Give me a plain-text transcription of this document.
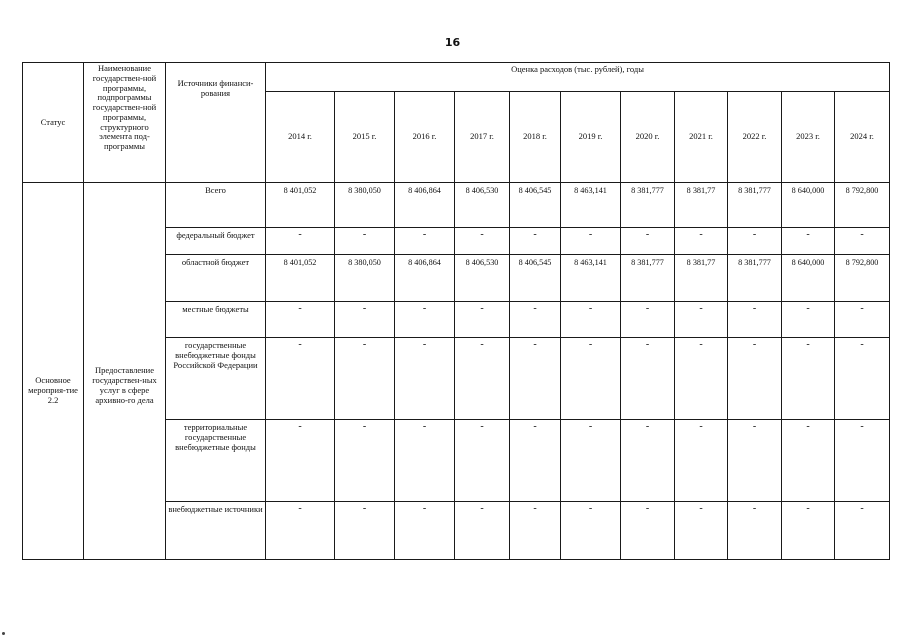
16
Статус	Наименование государствен-ной программы, подпрограммы государствен-ной программы, структурного элемента под-программы	Источники финанси-рования	Оценка расходов (тыс. рублей), годы										
			2014 г.	2015 г.	2016 г.	2017 г.	2018 г.	2019 г.	2020 г.	2021 г.	2022 г.	2023 г.	2024 г.
Основное мероприя-тие 2.2	Предоставление государствен-ных услуг в сфере архивно-го дела	Всего	8 401,052	8 380,050	8 406,864	8 406,530	8 406,545	8 463,141	8 381,777	8 381,77	8 381,777	8 640,000	8 792,800
		федеральный бюджет	-	-	-	-	-	-	-	-	-	-	-
		областной бюджет	8 401,052	8 380,050	8 406,864	8 406,530	8 406,545	8 463,141	8 381,777	8 381,77	8 381,777	8 640,000	8 792,800
		местные бюджеты	-	-	-	-	-	-	-	-	-	-	-
		государственные внебюджетные фонды Российской Федерации	-	-	-	-	-	-	-	-	-	-	-
		территориальные государственные внебюджетные фонды	-	-	-	-	-	-	-	-	-	-	-
		внебюджетные источники	-	-	-	-	-	-	-	-	-	-	-
